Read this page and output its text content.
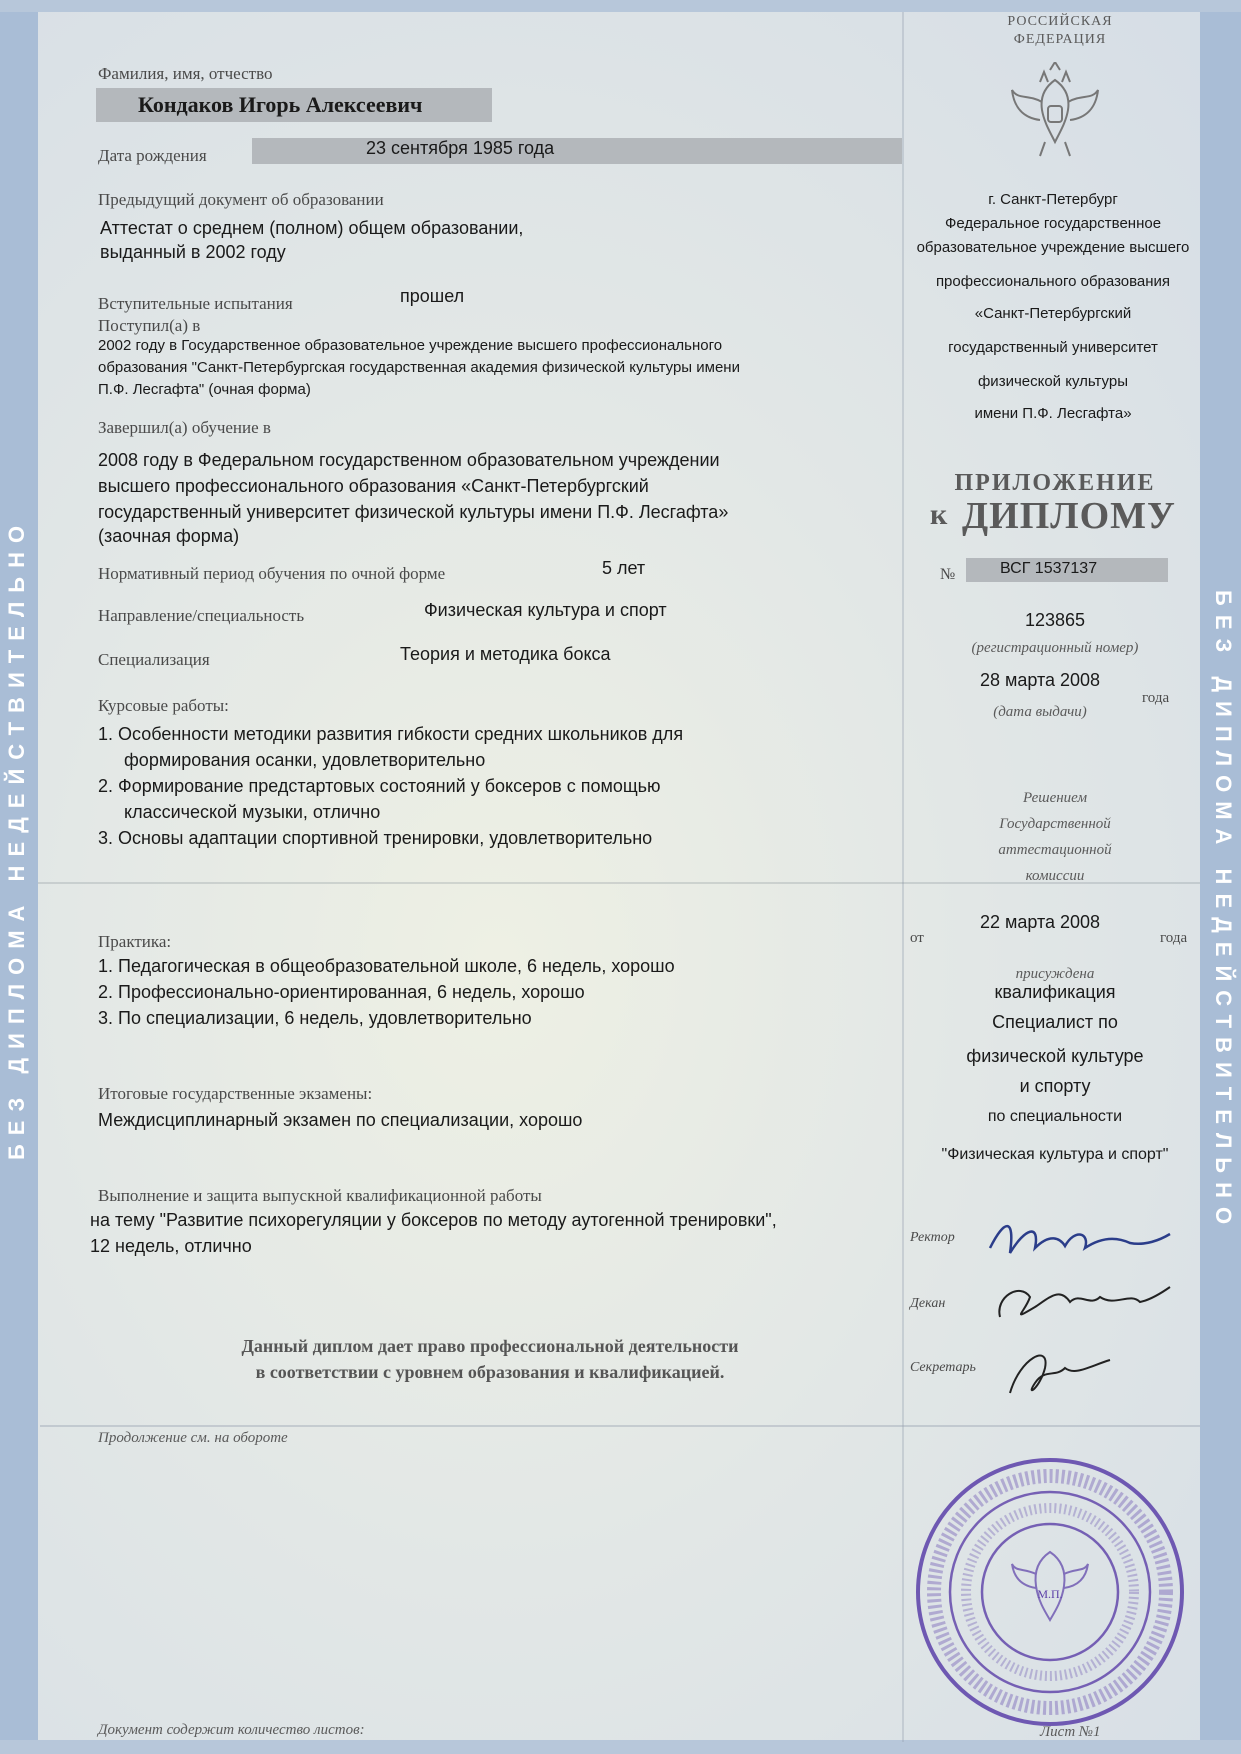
БЕЗ ДИПЛОМА НЕДЕЙСТВИТЕЛЬНО	БЕЗ ДИПЛОМА НЕДЕЙСТВИТЕЛЬНО
Фамилия, имя, отчество
Кондаков Игорь Алексеевич
Дата рождения	23 сентября 1985 года
Предыдущий документ об образовании
Аттестат о среднем (полном) общем образовании,
выданный в 2002 году
Вступительные испытания	прошел
Поступил(а) в
2002 году в Государственное образовательное учреждение высшего профессионального
образования "Санкт-Петербургская государственная академия физической культуры имени
П.Ф. Лесгафта" (очная форма)
Завершил(а) обучение в
2008 году в Федеральном государственном образовательном учреждении
высшего профессионального образования «Санкт-Петербургский
государственный университет физической культуры имени П.Ф. Лесгафта»
(заочная форма)
Нормативный период обучения по очной форме	5 лет
Направление/специальность	Физическая культура и спорт
Специализация	Теория и методика бокса
Курсовые работы:
1. Особенности методики развития гибкости средних школьников для
формирования осанки, удовлетворительно
2. Формирование предстартовых состояний у боксеров с помощью
классической музыки, отлично
3. Основы адаптации спортивной тренировки, удовлетворительно
Практика:
1. Педагогическая в общеобразовательной школе, 6 недель, хорошо
2. Профессионально-ориентированная, 6 недель, хорошо
3. По специализации, 6 недель, удовлетворительно
Итоговые государственные экзамены:
Междисциплинарный экзамен по специализации, хорошо
Выполнение и защита выпускной квалификационной работы
на тему "Развитие психорегуляции у боксеров по методу аутогенной тренировки",
12 недель, отлично
Данный диплом дает право профессиональной деятельности
в соответствии с уровнем образования и квалификацией.
Продолжение см. на обороте
Документ содержит количество листов:
РОССИЙСКАЯ
ФЕДЕРАЦИЯ
г. Санкт-Петербург
Федеральное государственное
образовательное учреждение высшего
профессионального образования
«Санкт-Петербургский
государственный университет
физической культуры
имени П.Ф. Лесгафта»
ПРИЛОЖЕНИЕ
к ДИПЛОМУ
№	ВСГ 1537137
123865
(регистрационный номер)
28 марта 2008
года
(дата выдачи)
Решением
Государственной
аттестационной
комиссии
от
22 марта 2008
года
присуждена
квалификация
Специалист по
физической культуре
и спорту
по специальности
"Физическая культура и спорт"
Ректор
Декан
Секретарь
М.П.
Лист №1
